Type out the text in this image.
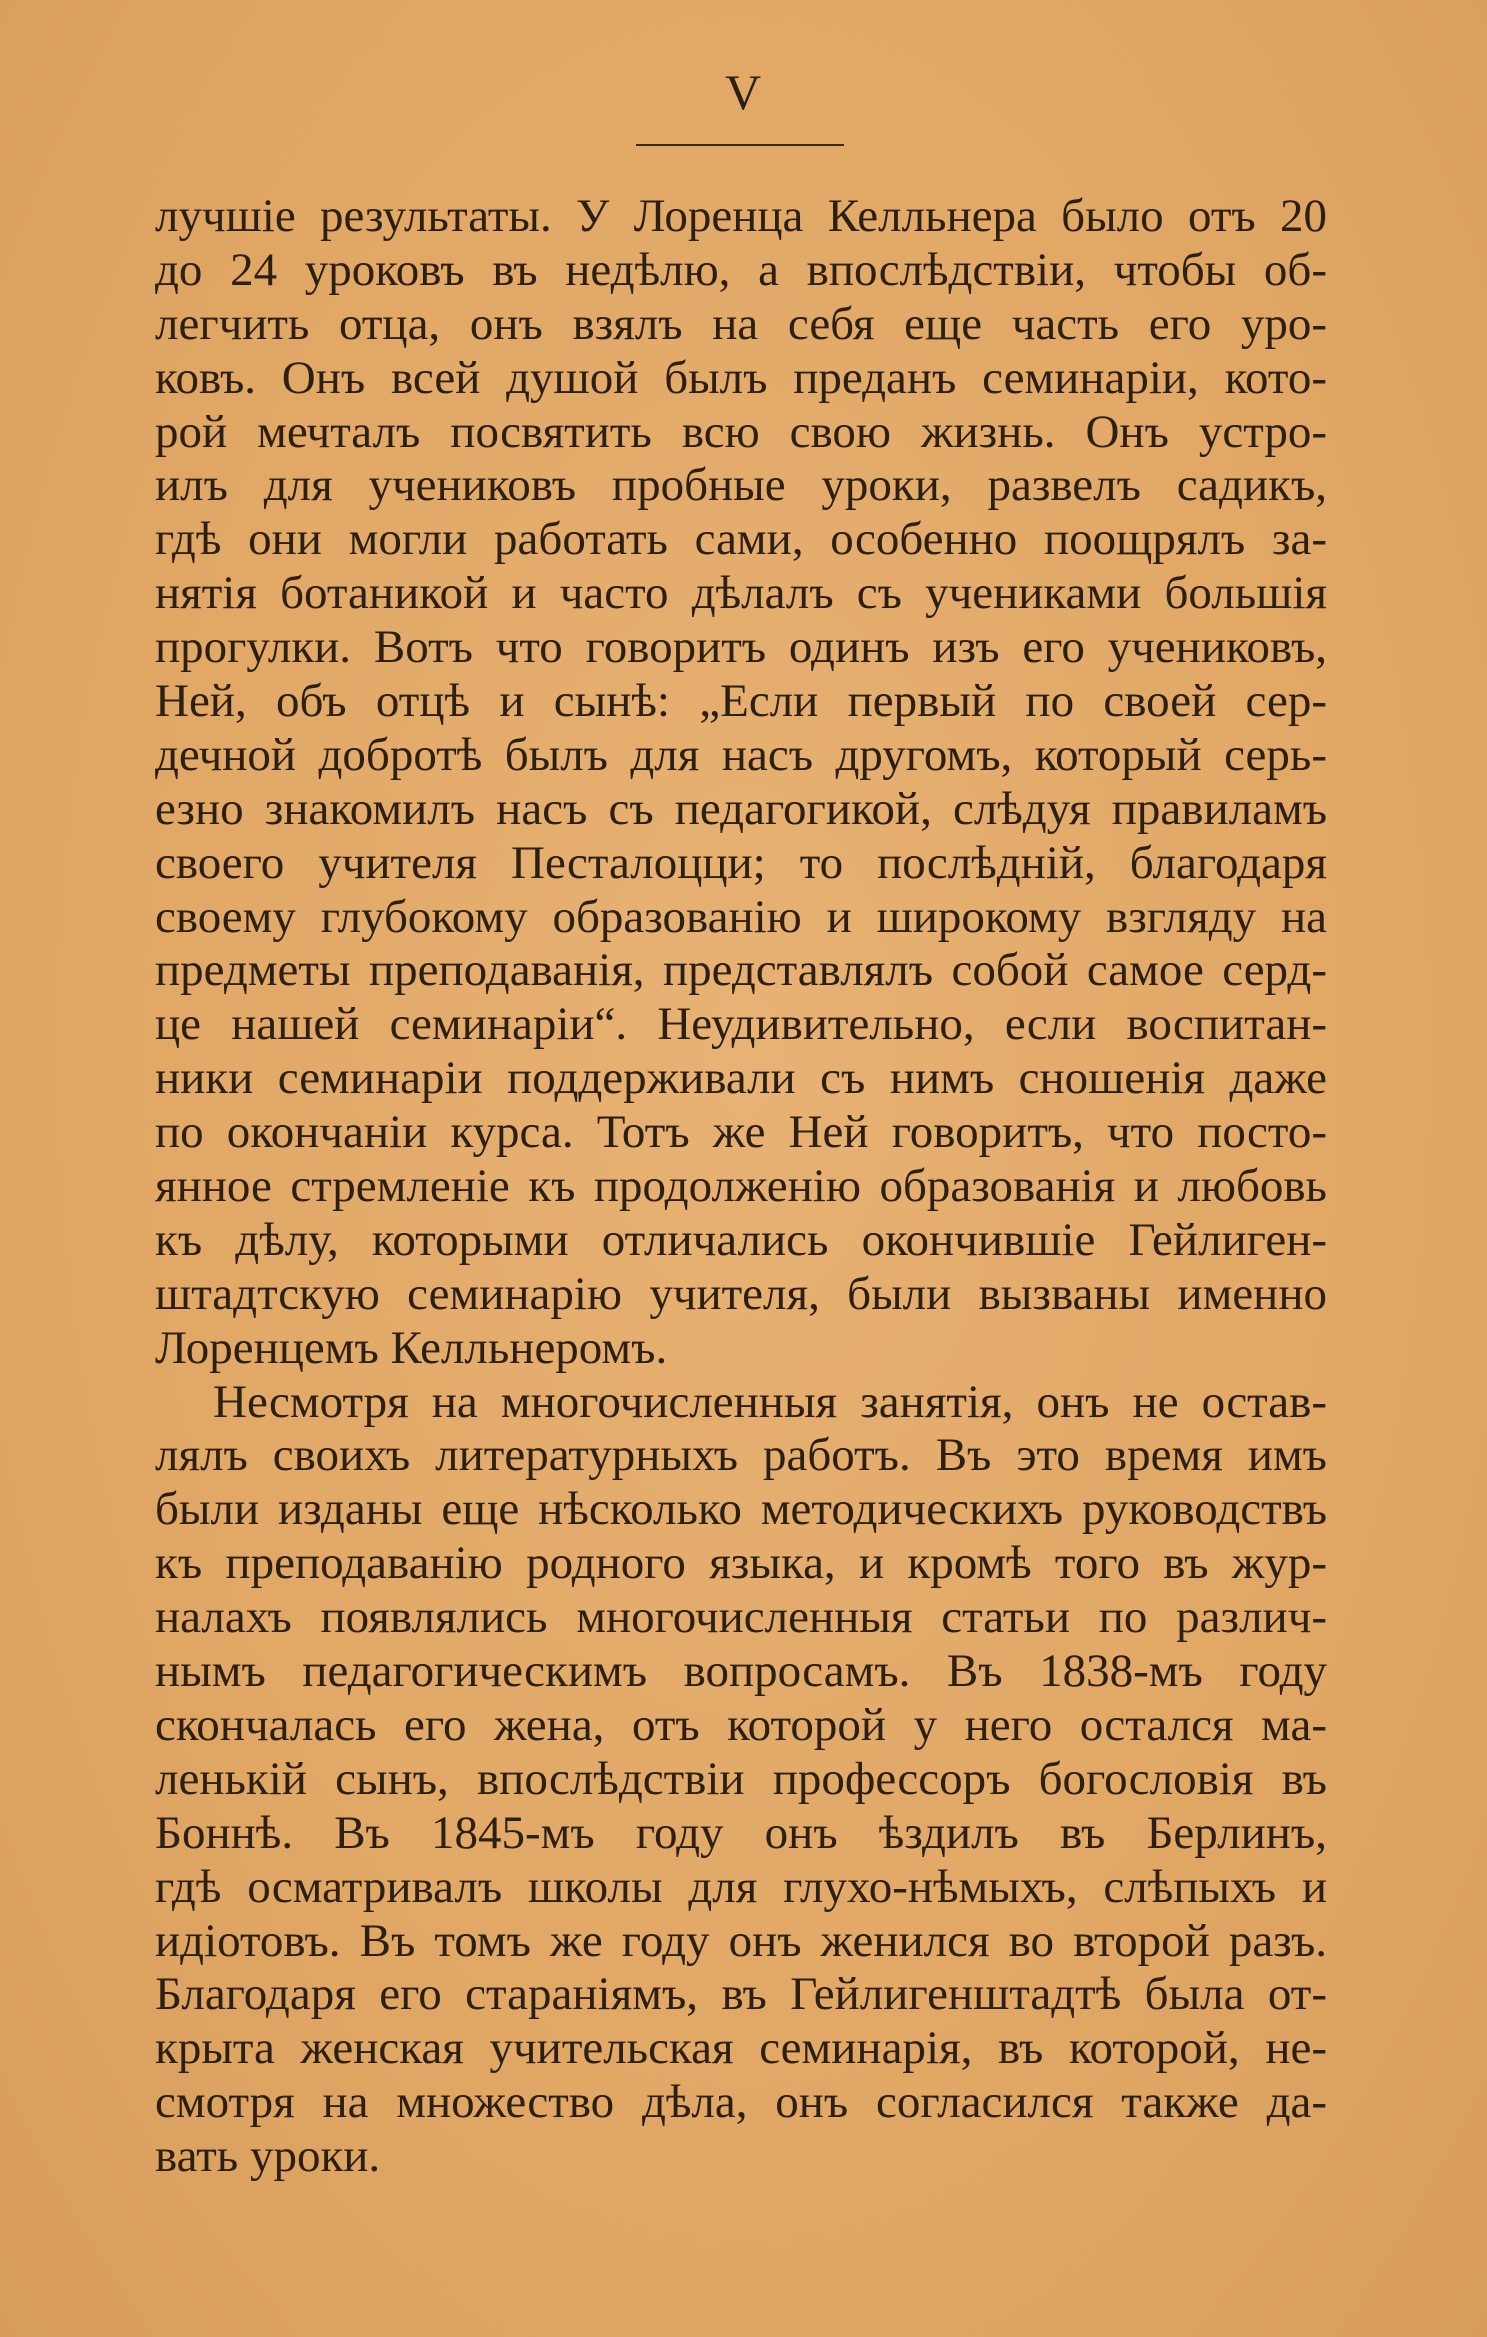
V
лучшiе результаты. У Лоренца Келльнера было отъ 20
до 24 уроковъ въ недѣлю, а впослѣдствiи, чтобы об-
легчить отца, онъ взялъ на себя еще часть его уро-
ковъ. Онъ всей душой былъ преданъ семинарiи, кото-
рой мечталъ посвятить всю свою жизнь. Онъ устро-
илъ для учениковъ пробные уроки, развелъ садикъ,
гдѣ они могли работать сами, особенно поощрялъ за-
нятiя ботаникой и часто дѣлалъ съ учениками большiя
прогулки. Вотъ что говоритъ одинъ изъ его учениковъ,
Ней, объ отцѣ и сынѣ: „Если первый по своей сер-
дечной добротѣ былъ для насъ другомъ, который серь-
езно знакомилъ насъ съ педагогикой, слѣдуя правиламъ
своего учителя Песталоцци; то послѣднiй, благодаря
своему глубокому образованiю и широкому взгляду на
предметы преподаванiя, представлялъ собой самое серд-
це нашей семинарiи“. Неудивительно, если воспитан-
ники семинарiи поддерживали съ нимъ сношенiя даже
по окончанiи курса. Тотъ же Ней говоритъ, что посто-
янное стремленiе къ продолженiю образованiя и любовь
къ дѣлу, которыми отличались окончившiе Гейлиген-
штадтскую семинарiю учителя, были вызваны именно
Лоренцемъ Келльнеромъ.
Несмотря на многочисленныя занятiя, онъ не остав-
лялъ своихъ литературныхъ работъ. Въ это время имъ
были изданы еще нѣсколько методическихъ руководствъ
къ преподаванiю родного языка, и кромѣ того въ жур-
налахъ появлялись многочисленныя статьи по различ-
нымъ педагогическимъ вопросамъ. Въ 1838-мъ году
скончалась его жена, отъ которой у него остался ма-
ленькiй сынъ, впослѣдствiи профессоръ богословiя въ
Боннѣ. Въ 1845-мъ году онъ ѣздилъ въ Берлинъ,
гдѣ осматривалъ школы для глухо-нѣмыхъ, слѣпыхъ и
идiотовъ. Въ томъ же году онъ женился во второй разъ.
Благодаря его старанiямъ, въ Гейлигенштадтѣ была от-
крыта женская учительская семинарiя, въ которой, не-
смотря на множество дѣла, онъ согласился также да-
вать уроки.
